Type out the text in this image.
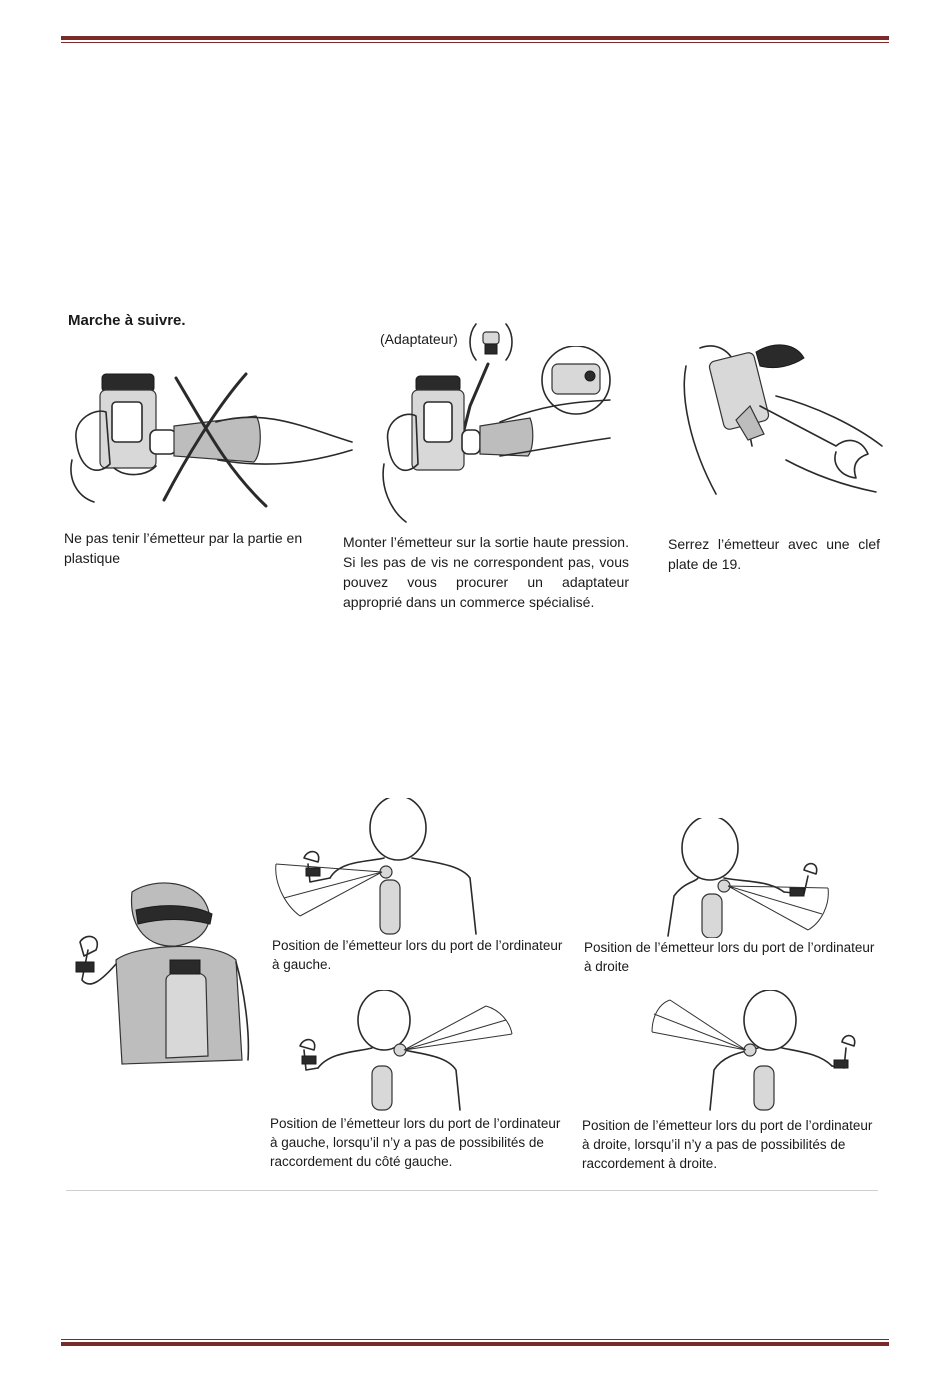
Marche à suivre.
(Adaptateur)
Ne pas tenir l’émetteur par la partie en plastique
Monter l’émetteur sur la sortie haute pression. Si les pas de vis ne correspondent pas, vous pouvez vous procurer un adaptateur approprié dans un commerce spécialisé.
Serrez l’émetteur avec une clef plate de 19.
Position de l’émetteur lors du port de l’ordinateur à gauche.
Position de l’émetteur lors du port de l’ordinateur à droite
Position de l’émetteur lors du port de l’ordinateur à gauche, lorsqu’il n’y a pas de possibilités de raccordement du côté gauche.
Position de l’émetteur lors du port de l’ordinateur à droite, lorsqu’il n’y a pas de possibilités de raccordement à droite.
